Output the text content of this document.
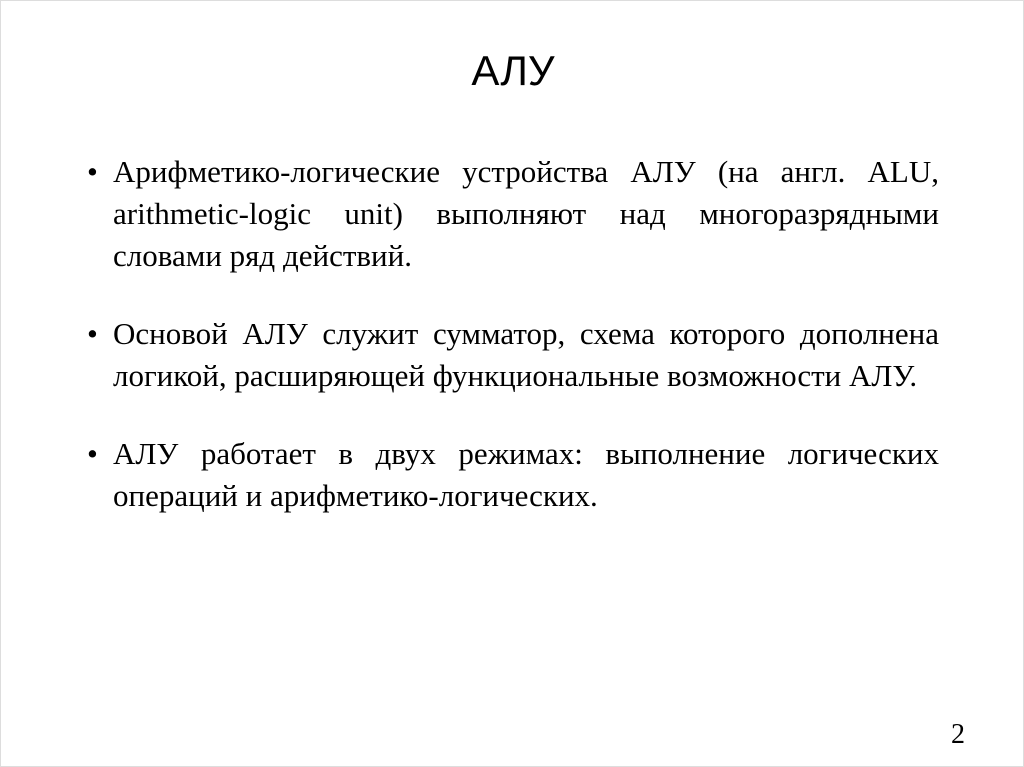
АЛУ
• Арифметико-логические устройства АЛУ (на англ. ALU, arithmetic-logic unit) выполняют над многоразрядными словами ряд действий.
• Основой АЛУ служит сумматор, схема которого дополнена логикой, расширяющей функциональные возможности АЛУ.
• АЛУ работает в двух режимах: выполнение логических операций и арифметико-логических.
2
